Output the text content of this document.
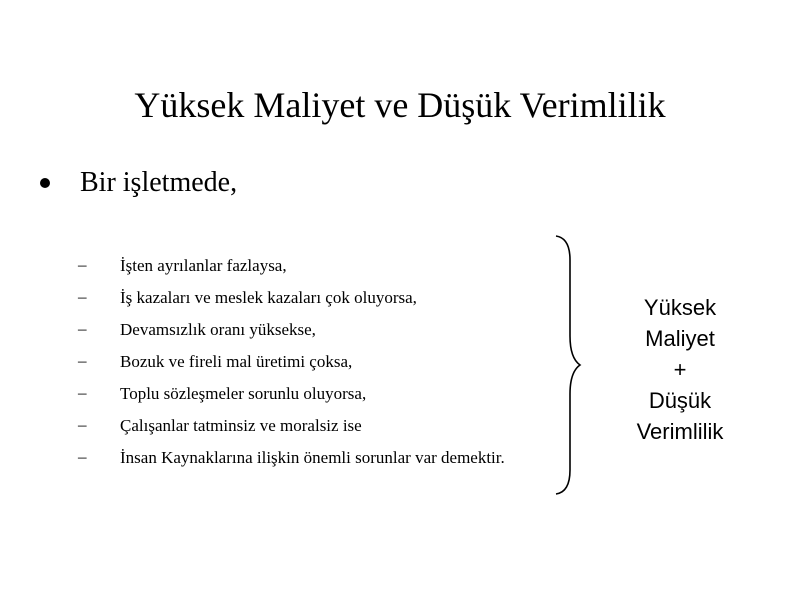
Yüksek Maliyet ve Düşük Verimlilik
Bir işletmede,
– İşten ayrılanlar fazlaysa,
– İş kazaları ve meslek kazaları çok oluyorsa,
– Devamsızlık oranı yüksekse,
– Bozuk ve fireli mal üretimi çoksa,
– Toplu sözleşmeler sorunlu oluyorsa,
– Çalışanlar tatminsiz ve moralsiz ise
– İnsan Kaynaklarına ilişkin önemli sorunlar var demektir.
Yüksek
Maliyet
+
Düşük
Verimlilik
